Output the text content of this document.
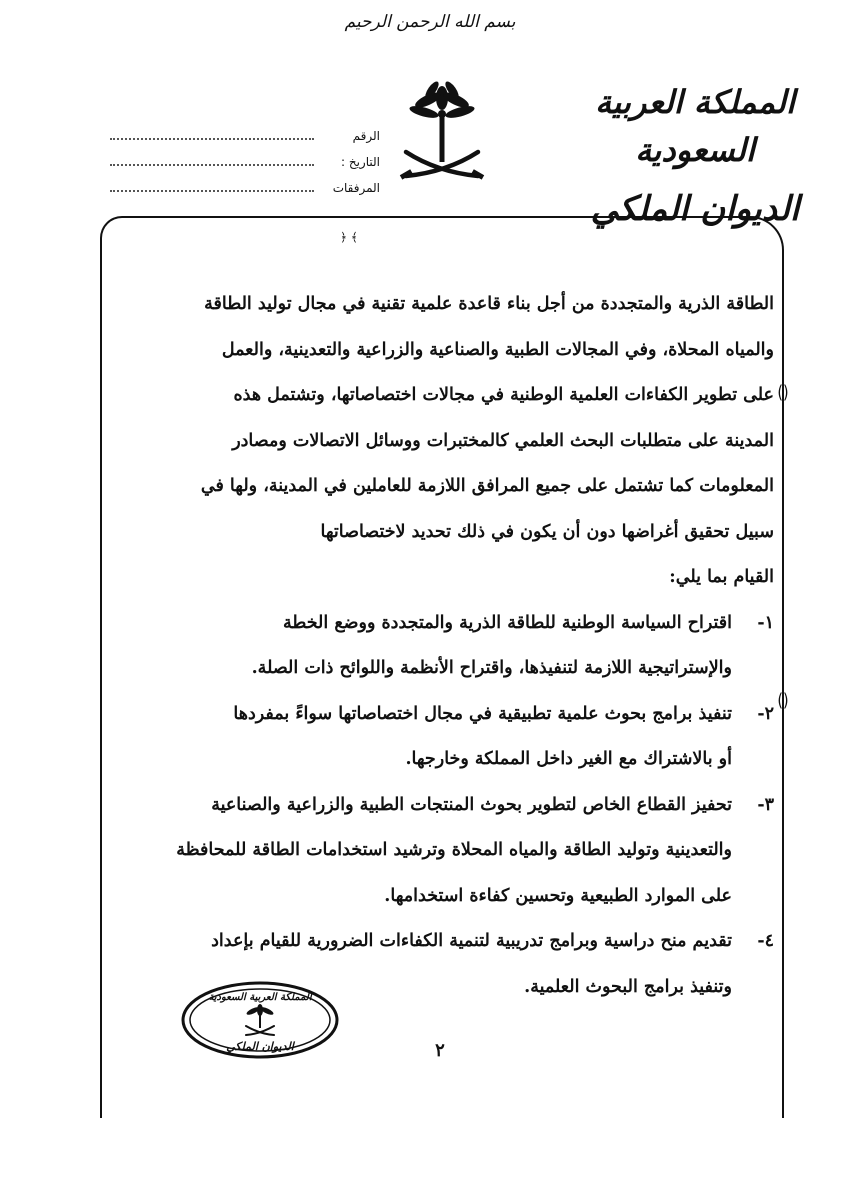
بسم الله الرحمن الرحيم
المملكة العربية السعودية
الديوان الملكي
الرقم
التاريخ :
المرفقات
﴿ ﴾
()
()

الطاقة الذرية والمتجددة من أجل بناء قاعدة علمية تقنية في مجال توليد الطاقة

والمياه المحلاة، وفي المجالات الطبية والصناعية والزراعية والتعدينية، والعمل

على تطوير الكفاءات العلمية الوطنية في مجالات اختصاصاتها، وتشتمل هذه

المدينة على متطلبات البحث العلمي كالمختبرات ووسائل الاتصالات ومصادر

المعلومات كما تشتمل على جميع المرافق اللازمة للعاملين في المدينة، ولها في

سبيل تحقيق أغراضها دون أن يكون في ذلك تحديد لاختصاصاتها

القيام بما يلي:

١-

اقتراح السياسة الوطنية للطاقة الذرية والمتجددة ووضع الخطة

والإستراتيجية اللازمة لتنفيذها، واقتراح الأنظمة واللوائح ذات الصلة.

٢-

تنفيذ برامج بحوث علمية تطبيقية في مجال اختصاصاتها سواءً بمفردها

أو بالاشتراك مع الغير داخل المملكة وخارجها.

٣-

تحفيز القطاع الخاص لتطوير بحوث المنتجات الطبية والزراعية والصناعية

والتعدينية وتوليد الطاقة والمياه المحلاة وترشيد استخدامات الطاقة للمحافظة

على الموارد الطبيعية وتحسين كفاءة استخدامها.

٤-

تقديم منح دراسية وبرامج تدريبية لتنمية الكفاءات الضرورية للقيام بإعداد

وتنفيذ برامج البحوث العلمية.

المملكة العربية السعودية
الديوان الملكي	٢
